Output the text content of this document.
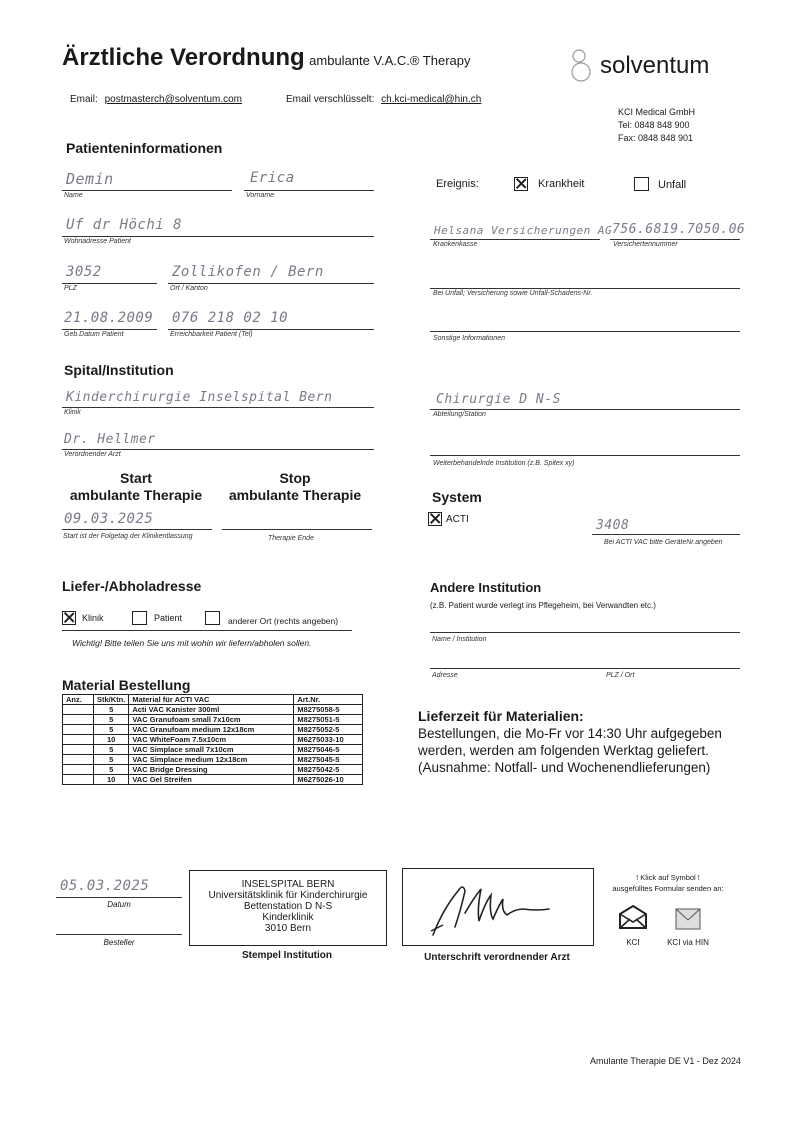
Ärztliche Verordnung ambulante V.A.C.® Therapy
Email: postmasterch@solventum.com	Email verschlüsselt: ch.kci-medical@hin.ch
solventum
KCI Medical GmbH
Tel: 0848 848 900
Fax: 0848 848 901
Patienteninformationen
Demin
Name
Erica
Vorname
Uf dr Höchi 8
Wohnadresse Patient
3052
PLZ
Zollikofen / Bern
Ort / Kanton
21.08.2009
Geb.Datum Patient
076 218 02 10
Erreichbarkeit Patient (Tel)
Ereignis:	Krankheit	Unfall
Helsana Versicherungen AG
Krankenkasse
756.6819.7050.06
Versichertennummer
Bei Unfall; Versicherung sowie Unfall-Schadens-Nr.
Sonstige Informationen
Spital/Institution
Kinderchirurgie Inselspital Bern
Klinik
Dr. Hellmer
Verordnender Arzt
Chirurgie D N-S
Abteilung/Station
Weiterbehandelnde Institution (z.B. Spitex xy)
Start
ambulante Therapie
Stop
ambulante Therapie
09.03.2025
Start ist der Folgetag der Klinikentlassung	Therapie Ende
System
ACTI	3408
Bei ACTI VAC bitte GeräteNr.angeben
Liefer-/Abholadresse
Klinik	Patient	anderer Ort (rechts angeben)
Wichtig! Bitte teilen Sie uns mit wohin wir liefern/abholen sollen.
Andere Institution
(z.B. Patient wurde verlegt ins Pflegeheim, bei Verwandten etc.)
Name / Institution
Adresse	PLZ / Ort
Material Bestellung
Anz.	Stk/Ktn.	Material für ACTI VAC	Art.Nr.
	5	Acti VAC Kanister 300ml	M8275058-5
	5	VAC Granufoam small 7x10cm	M8275051-5
	5	VAC Granufoam medium 12x18cm	M8275052-5
	10	VAC WhiteFoam 7.5x10cm	M6275033-10
	5	VAC Simplace small 7x10cm	M8275046-5
	5	VAC Simplace medium 12x18cm	M8275045-5
	5	VAC Bridge Dressing	M8275042-5
	10	VAC Gel Streifen	M6275026-10
Lieferzeit für Materialien:
Bestellungen, die Mo-Fr vor 14:30 Uhr aufgegeben
werden, werden am folgenden Werktag geliefert.
(Ausnahme: Notfall- und Wochenendlieferungen)
05.03.2025
Datum
Besteller
INSELSPITAL BERN
Universitätsklinik für Kinderchirurgie
Bettenstation D N-S
Kinderklinik
3010 Bern
Stempel Institution	Unterschrift verordnender Arzt
! Klick auf Symbol !
ausgefülltes Formular senden an:
KCI	KCI via HIN
Amulante Therapie DE V1 - Dez 2024
